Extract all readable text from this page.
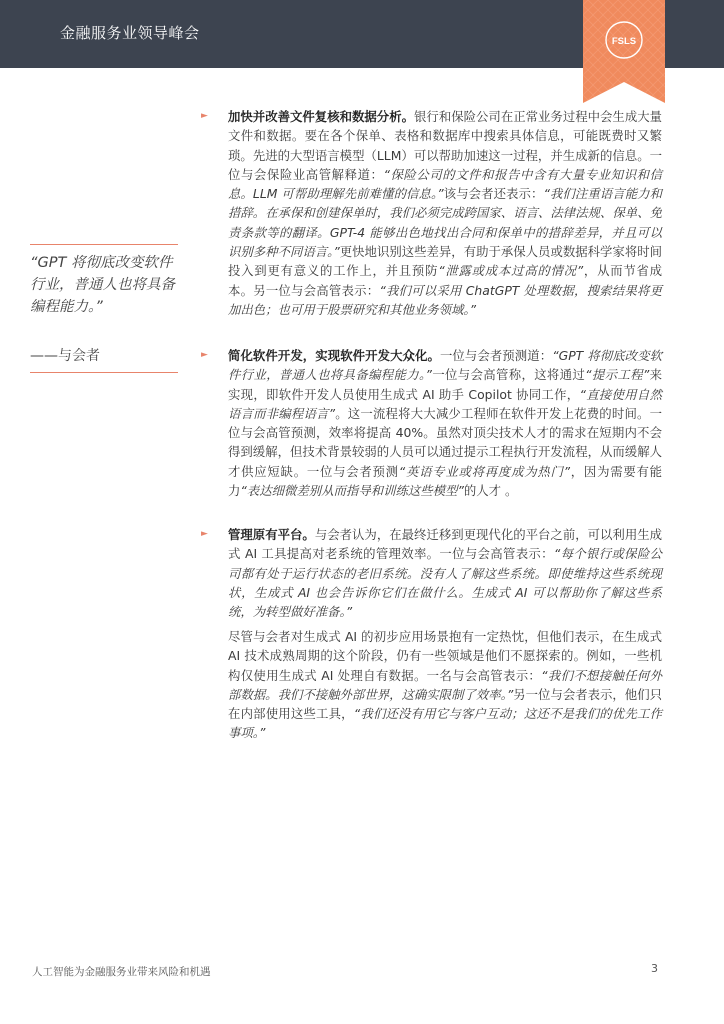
金融服务业领导峰会	FSLS
“GPT 将彻底改变软件行业，普通人也将具备编程能力。”
——与会者
► 加快并改善文件复核和数据分析。银行和保险公司在正常业务过程中会生成大量文件和数据。要在各个保单、表格和数据库中搜索具体信息，可能既费时又繁琐。先进的大型语言模型（LLM）可以帮助加速这一过程，并生成新的信息。一位与会保险业高管解释道：“保险公司的文件和报告中含有大量专业知识和信息。LLM 可帮助理解先前难懂的信息。”该与会者还表示：“我们注重语言能力和措辞。在承保和创建保单时，我们必须完成跨国家、语言、法律法规、保单、免责条款等的翻译。GPT-4 能够出色地找出合同和保单中的措辞差异，并且可以识别多种不同语言。”更快地识别这些差异，有助于承保人员或数据科学家将时间投入到更有意义的工作上，并且预防“泄露或成本过高的情况”，从而节省成本。另一位与会高管表示：“我们可以采用 ChatGPT 处理数据，搜索结果将更加出色；也可用于股票研究和其他业务领域。”
► 简化软件开发，实现软件开发大众化。一位与会者预测道：“GPT 将彻底改变软件行业，普通人也将具备编程能力。”一位与会高管称，这将通过“提示工程”来实现，即软件开发人员使用生成式 AI 助手 Copilot 协同工作，“直接使用自然语言而非编程语言”。这一流程将大大减少工程师在软件开发上花费的时间。一位与会高管预测，效率将提高 40%。虽然对顶尖技术人才的需求在短期内不会得到缓解，但技术背景较弱的人员可以通过提示工程执行开发流程，从而缓解人才供应短缺。一位与会者预测“英语专业或将再度成为热门”，因为需要有能力“表达细微差别从而指导和训练这些模型”的人才 。
► 管理原有平台。与会者认为，在最终迁移到更现代化的平台之前，可以利用生成式 AI 工具提高对老系统的管理效率。一位与会高管表示：“每个银行或保险公司都有处于运行状态的老旧系统。没有人了解这些系统。即使维持这些系统现状，生成式 AI 也会告诉你它们在做什么。生成式 AI 可以帮助你了解这些系统，为转型做好准备。”
尽管与会者对生成式 AI 的初步应用场景抱有一定热忱，但他们表示，在生成式 AI 技术成熟周期的这个阶段，仍有一些领域是他们不愿探索的。例如，一些机构仅使用生成式 AI 处理自有数据。一名与会高管表示：“我们不想接触任何外部数据。我们不接触外部世界，这确实限制了效率。”另一位与会者表示，他们只在内部使用这些工具，“我们还没有用它与客户互动；这还不是我们的优先工作事项。”
人工智能为金融服务业带来风险和机遇	3
